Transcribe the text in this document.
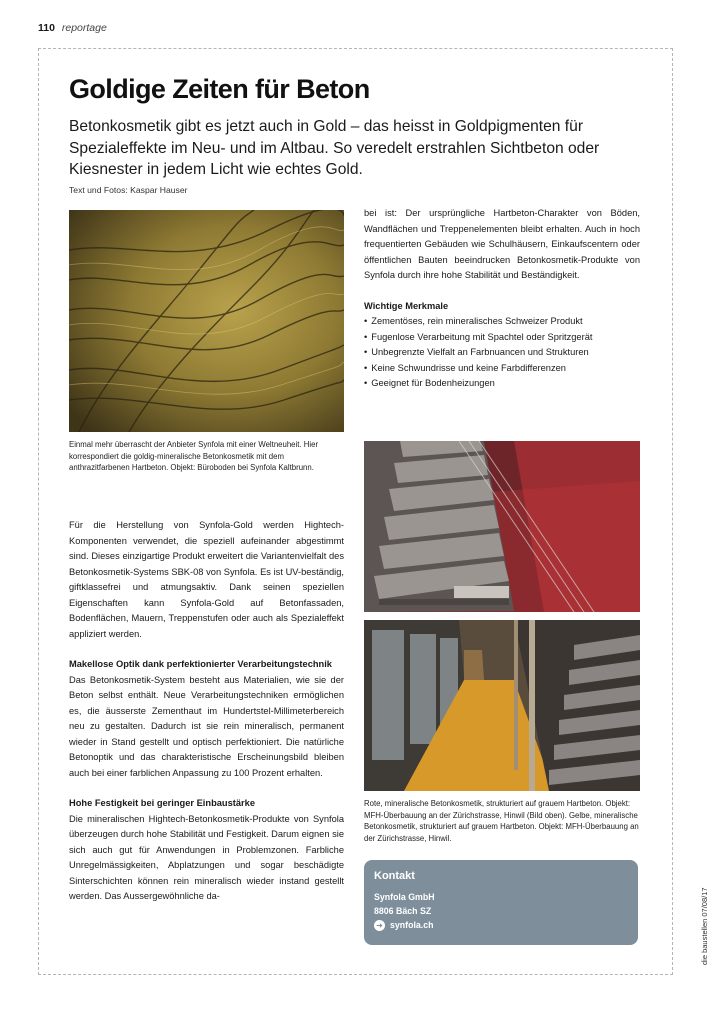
110 reportage
Goldige Zeiten für Beton

Betonkosmetik gibt es jetzt auch in Gold – das heisst in Goldpigmenten für Spezialeffekte im Neu- und im Altbau. So veredelt erstrahlen Sichtbeton oder Kiesnester in jedem Licht wie echtes Gold.

Text und Fotos: Kaspar Hauser

Einmal mehr überrascht der Anbieter Synfola mit einer Weltneuheit. Hier korrespondiert die goldig-mineralische Betonkosmetik mit dem anthrazitfarbenen Hartbeton. Objekt: Büroboden bei Synfola Kaltbrunn.

Für die Herstellung von Synfola-Gold werden Hightech-Komponenten verwendet, die speziell aufeinander abgestimmt sind. Dieses einzigartige Produkt erweitert die Variantenvielfalt des Betonkosmetik-Systems SBK-08 von Synfola. Es ist UV-beständig, giftklassefrei und atmungsaktiv. Dank seinen speziellen Eigenschaften kann Synfola-Gold auf Betonfassaden, Bodenflächen, Mauern, Treppenstufen oder auch als Spezialeffekt appliziert werden.

Makellose Optik dank perfektionierter Verarbeitungstechnik

Das Betonkosmetik-System besteht aus Materialien, wie sie der Beton selbst enthält. Neue Verarbeitungstechniken ermöglichen es, die äusserste Zementhaut im Hundertstel-Millimeterbereich neu zu gestalten. Dadurch ist sie rein mineralisch, permanent wieder in Stand gestellt und optisch perfektioniert. Die natürliche Betonoptik und das charakteristische Erscheinungsbild bleiben auch bei einer farblichen Anpassung zu 100 Prozent erhalten.

Hohe Festigkeit bei geringer Einbaustärke

Die mineralischen Hightech-Betonkosmetik-Produkte von Synfola überzeugen durch hohe Stabilität und Festigkeit. Darum eignen sie sich auch gut für Anwendungen in Problemzonen. Farbliche Unregelmässigkeiten, Abplatzungen und sogar beschädigte Sinterschichten können rein mineralisch wieder instand gestellt werden. Das Aussergewöhnliche da-

bei ist: Der ursprüngliche Hartbeton-Charakter von Böden, Wandflächen und Treppenelementen bleibt erhalten. Auch in hoch frequentierten Gebäuden wie Schulhäusern, Einkaufscentern oder öffentlichen Bauten beeindrucken Betonkosmetik-Produkte von Synfola durch ihre hohe Stabilität und Beständigkeit.

Wichtige Merkmale
• Zementöses, rein mineralisches Schweizer Produkt
• Fugenlose Verarbeitung mit Spachtel oder Spritzgerät
• Unbegrenzte Vielfalt an Farbnuancen und Strukturen
• Keine Schwundrisse und keine Farbdifferenzen
• Geeignet für Bodenheizungen

Rote, mineralische Betonkosmetik, strukturiert auf grauem Hartbeton. Objekt: MFH-Überbauung an der Zürichstrasse, Hinwil (Bild oben). Gelbe, mineralische Betonkosmetik, strukturiert auf grauem Hartbeton. Objekt: MFH-Überbauung an der Zürichstrasse, Hinwil.

Kontakt
Synfola GmbH
8806 Bäch SZ
➜ synfola.ch	die baustellen 07/08/17
